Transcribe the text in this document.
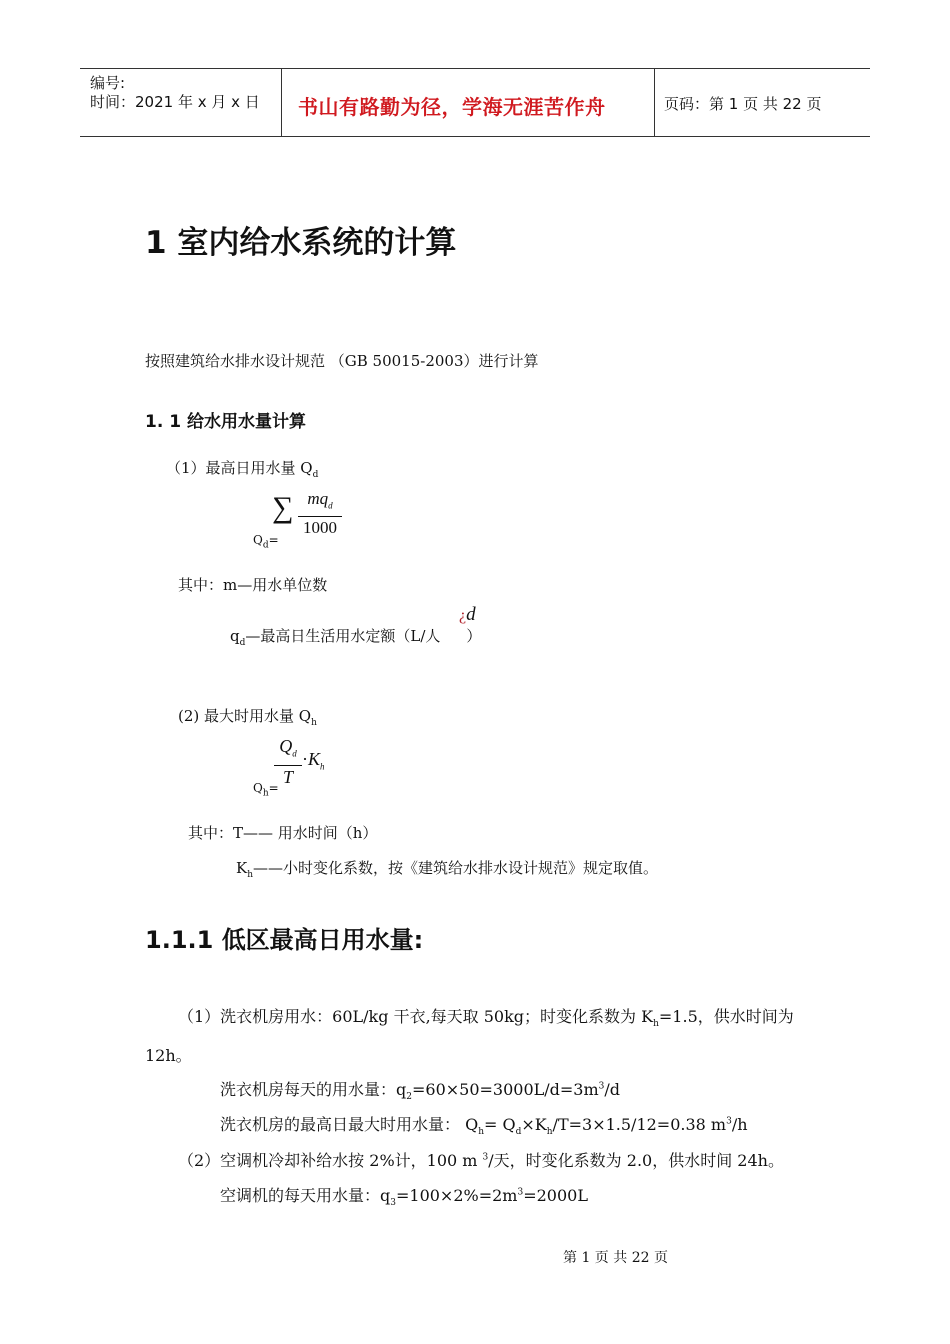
编号:
时间：2021 年 x 月 x 日 书山有路勤为径，学海无涯苦作舟	页码：第 1 页 共 22 页
1 室内给水系统的计算
按照建筑给水排水设计规范 （GB 50015-2003）进行计算
1. 1 给水用水量计算
（1）最高日用水量 $Q_d$
$Q_d=$
∑ $mq_d$
1000
其中：m—用水单位数
$q_d—$最高日生活用水定额（L/人 ）
¿d
(2) 最大时用水量 $Q_h$
$Q_h=$
$Q_d$
T
$\cdot K_h$
其中：T—— 用水时间（h）
$K_h——$小时变化系数，按《建筑给水排水设计规范》规定取值。
1.1.1 低区最高日用水量:
（1）洗衣机房用水：60L/kg 干衣,每天取 50kg；时变化系数为 $K_h=1.5$，供水时间为
12h。
洗衣机房每天的用水量：$q_2=60\times 50=3000L/d=3m^3/d$
洗衣机房的最高日最大时用水量： $Q_h= Q_d\times K_h/T=3\times 1.5/12=0.38$ $m^3/h$
（2）空调机冷却补给水按 2%计，100 m $^3$/天，时变化系数为 2.0，供水时间 24h。
空调机的每天用水量：$q_3=100\times 2\%=2m^3=2000L$
第 1 页 共 22 页
